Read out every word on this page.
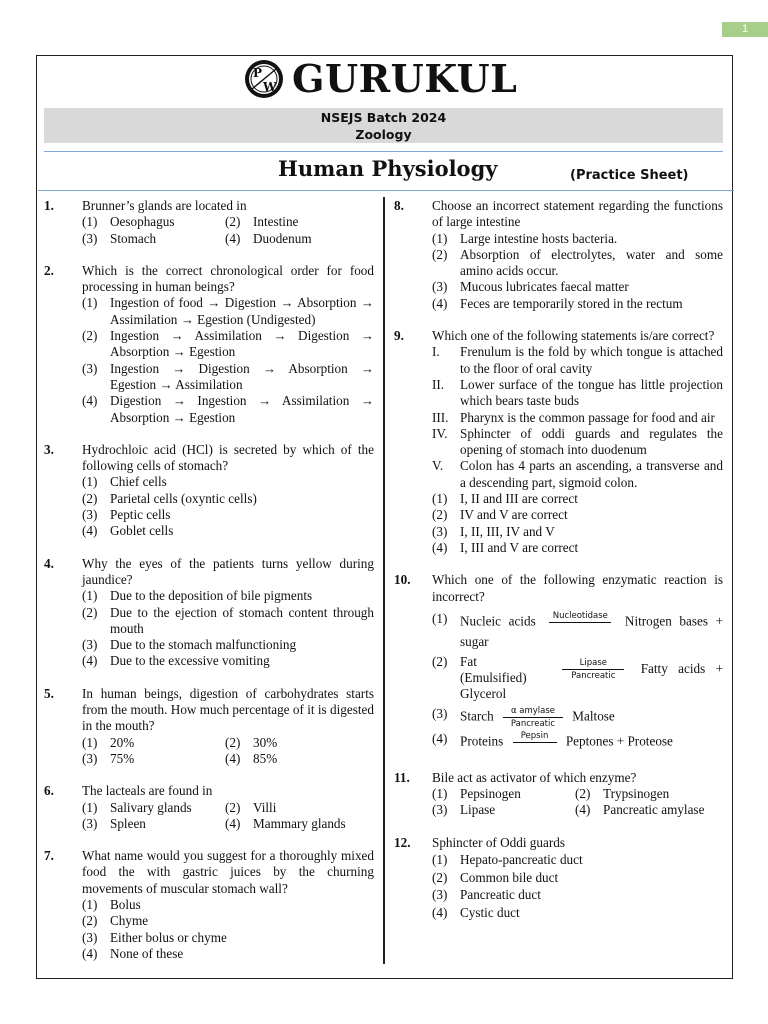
1
P
W GURUKUL
NSEJS Batch 2024
Zoology
Human Physiology	(Practice Sheet)
1. Brunner’s glands are located in
(1) Oesophagus	(2) Intestine
(3) Stomach	(4) Duodenum
2. Which is the correct chronological order for food processing in human beings?
(1) Ingestion of food → Digestion → Absorption → Assimilation → Egestion (Undigested)
(2) Ingestion → Assimilation → Digestion → Absorption → Egestion
(3) Ingestion → Digestion → Absorption → Egestion → Assimilation
(4) Digestion → Ingestion → Assimilation → Absorption → Egestion
3. Hydrochloic acid (HCl) is secreted by which of the following cells of stomach?
(1) Chief cells
(2) Parietal cells (oxyntic cells)
(3) Peptic cells
(4) Goblet cells
4. Why the eyes of the patients turns yellow during jaundice?
(1) Due to the deposition of bile pigments
(2) Due to the ejection of stomach content through mouth
(3) Due to the stomach malfunctioning
(4) Due to the excessive vomiting
5. In human beings, digestion of carbohydrates starts from the mouth. How much percentage of it is digested in the mouth?
(1) 20%	(2) 30%
(3) 75%	(4) 85%
6. The lacteals are found in
(1) Salivary glands	(2) Villi
(3) Spleen	(4) Mammary glands
7. What name would you suggest for a thoroughly mixed food the with gastric juices by the churning movements of muscular stomach wall?
(1) Bolus
(2) Chyme
(3) Either bolus or chyme
(4) None of these
8. Choose an incorrect statement regarding the functions of large intestine
(1) Large intestine hosts bacteria.
(2) Absorption of electrolytes, water and some amino acids occur.
(3) Mucous lubricates faecal matter
(4) Feces are temporarily stored in the rectum
9. Which one of the following statements is/are correct?
I. Frenulum is the fold by which tongue is attached to the floor of oral cavity
II. Lower surface of the tongue has little projection which bears taste buds
III. Pharynx is the common passage for food and air
IV. Sphincter of oddi guards and regulates the opening of stomach into duodenum
V. Colon has 4 parts an ascending, a transverse and a descending part, sigmoid colon.
(1) I, II and III are correct
(2) IV and V are correct
(3) I, II, III, IV and V
(4) I, III and V are correct
10. Which one of the following enzymatic reaction is incorrect?
(1) Nucleic acids	Nucleotidase
Nitrogen bases + sugar
(2) Fat (Emulsified)
Lipase
Pancreatic
Fatty acids + Glycerol
(3) Starch	α amylase
Pancreatic
Maltose
(4) Proteins	Pepsin
	Peptones + Proteose
11. Bile act as activator of which enzyme?
(1) Pepsinogen	(2) Trypsinogen
(3) Lipase	(4) Pancreatic amylase
12. Sphincter of Oddi guards
(1) Hepato-pancreatic duct
(2) Common bile duct
(3) Pancreatic duct
(4) Cystic duct
